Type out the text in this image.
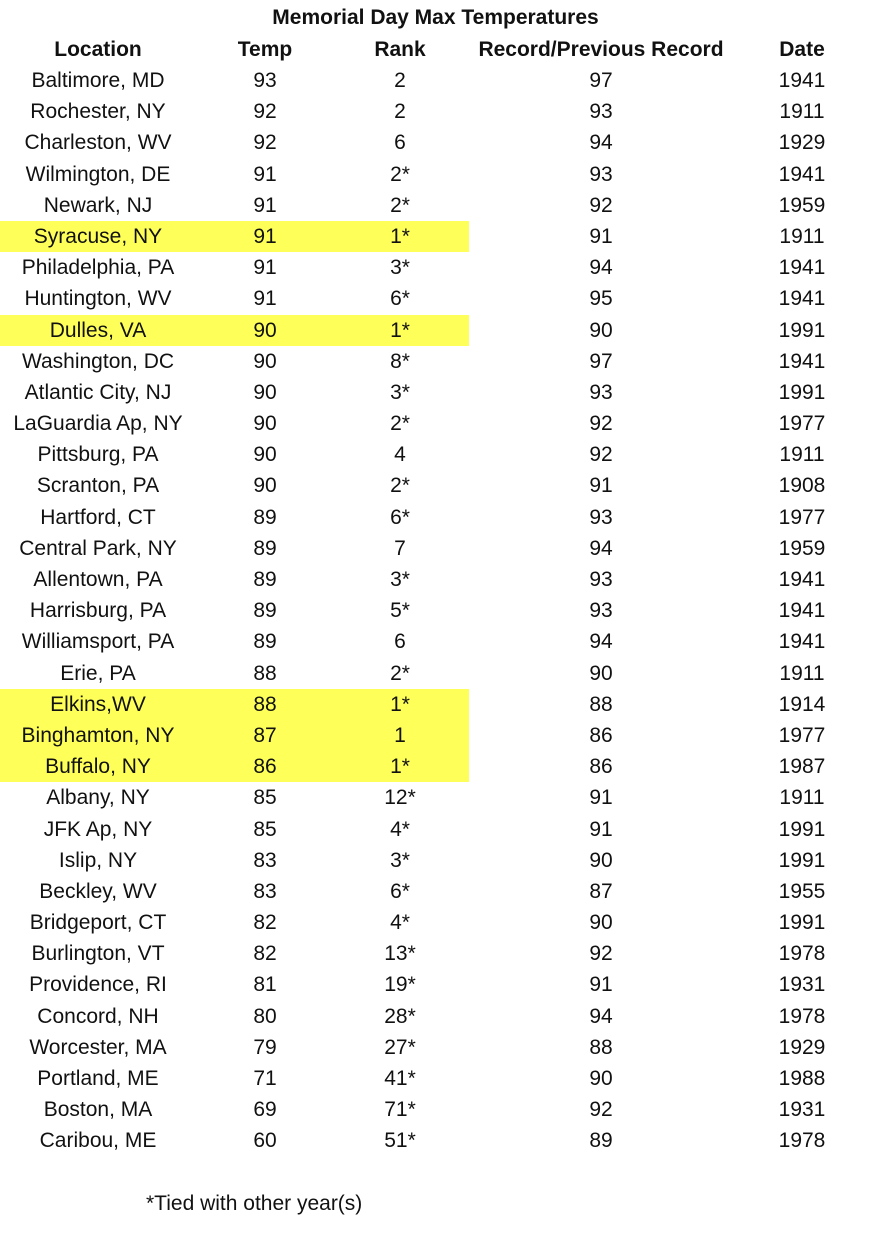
Memorial Day Max Temperatures
Location	Temp	Rank	Record/Previous Record	Date
Baltimore, MD	93	2	97	1941
Rochester, NY	92	2	93	1911
Charleston, WV	92	6	94	1929
Wilmington, DE	91	2*	93	1941
Newark, NJ	91	2*	92	1959
Syracuse, NY	91	1*	91	1911
Philadelphia, PA	91	3*	94	1941
Huntington, WV	91	6*	95	1941
Dulles, VA	90	1*	90	1991
Washington, DC	90	8*	97	1941
Atlantic City, NJ	90	3*	93	1991
LaGuardia Ap, NY	90	2*	92	1977
Pittsburg, PA	90	4	92	1911
Scranton, PA	90	2*	91	1908
Hartford, CT	89	6*	93	1977
Central Park, NY	89	7	94	1959
Allentown, PA	89	3*	93	1941
Harrisburg, PA	89	5*	93	1941
Williamsport, PA	89	6	94	1941
Erie, PA	88	2*	90	1911
Elkins,WV	88	1*	88	1914
Binghamton, NY	87	1	86	1977
Buffalo, NY	86	1*	86	1987
Albany, NY	85	12*	91	1911
JFK Ap, NY	85	4*	91	1991
Islip, NY	83	3*	90	1991
Beckley, WV	83	6*	87	1955
Bridgeport, CT	82	4*	90	1991
Burlington, VT	82	13*	92	1978
Providence, RI	81	19*	91	1931
Concord, NH	80	28*	94	1978
Worcester, MA	79	27*	88	1929
Portland, ME	71	41*	90	1988
Boston, MA	69	71*	92	1931
Caribou, ME	60	51*	89	1978
*Tied with other year(s)
